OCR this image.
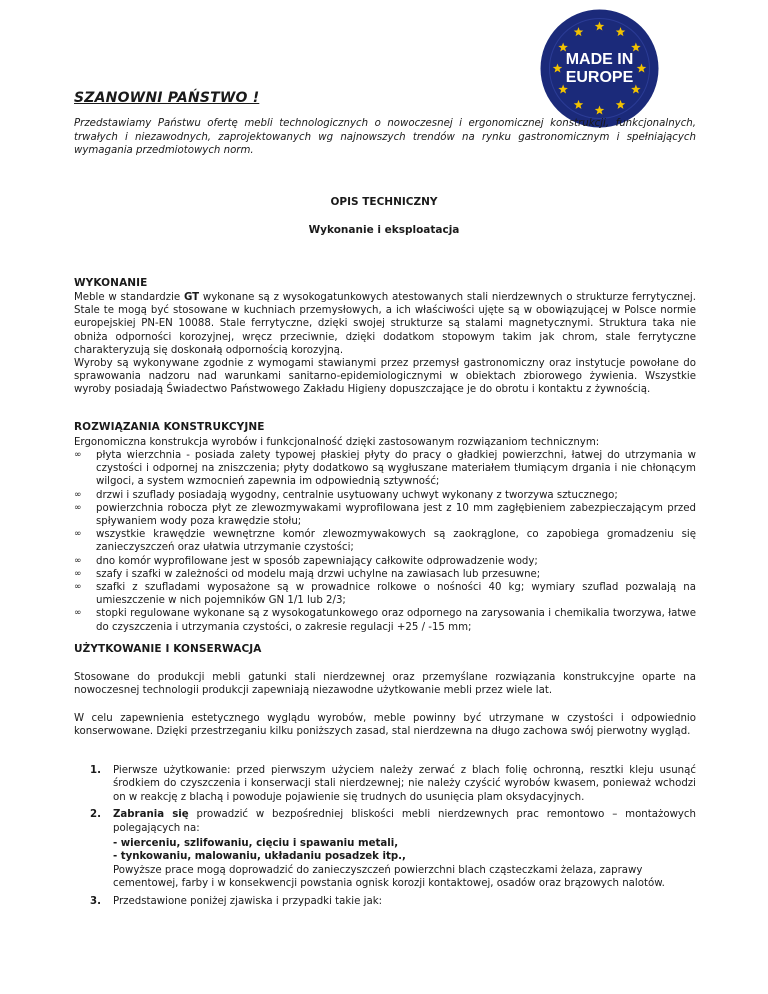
MADE IN
EUROPE
SZANOWNI PAŃSTWO !
Przedstawiamy Państwu ofertę mebli technologicznych o nowoczesnej i ergonomicznej konstrukcji, funkcjonalnych, trwałych i niezawodnych, zaprojektowanych wg najnowszych trendów na rynku gastronomicznym i spełniających wymagania przedmiotowych norm.
OPIS TECHNICZNY
Wykonanie i eksploatacja
WYKONANIE
Meble w standardzie GT wykonane są z wysokogatunkowych atestowanych stali nierdzewnych o strukturze ferrytycznej. Stale te mogą być stosowane w kuchniach przemysłowych, a ich właściwości ujęte są w obowiązującej w Polsce normie europejskiej PN-EN 10088. Stale ferrytyczne, dzięki swojej strukturze są stalami magnetycznymi. Struktura taka nie obniża odporności korozyjnej, wręcz przeciwnie, dzięki dodatkom stopowym takim jak chrom, stale ferrytyczne charakteryzują się doskonałą odpornością korozyjną.
Wyroby są wykonywane zgodnie z wymogami stawianymi przez przemysł gastronomiczny oraz instytucje powołane do sprawowania nadzoru nad warunkami sanitarno-epidemiologicznymi w obiektach zbiorowego żywienia. Wszystkie wyroby posiadają Świadectwo Państwowego Zakładu Higieny dopuszczające je do obrotu i kontaktu z żywnością.
ROZWIĄZANIA KONSTRUKCYJNE
Ergonomiczna konstrukcja wyrobów i funkcjonalność dzięki zastosowanym rozwiązaniom technicznym:
∞	płyta wierzchnia - posiada zalety typowej płaskiej płyty do pracy o gładkiej powierzchni, łatwej do utrzymania w czystości i odpornej na zniszczenia; płyty dodatkowo są wygłuszane materiałem tłumiącym drgania i nie chłonącym wilgoci, a system wzmocnień zapewnia im odpowiednią sztywność;
∞	drzwi i szuflady posiadają wygodny, centralnie usytuowany uchwyt wykonany z tworzywa sztucznego;
∞	powierzchnia robocza płyt ze zlewozmywakami wyprofilowana jest z 10 mm zagłębieniem zabezpieczającym przed spływaniem wody poza krawędzie stołu;
∞	wszystkie krawędzie wewnętrzne komór zlewozmywakowych są zaokrąglone, co zapobiega gromadzeniu się zanieczyszczeń oraz ułatwia utrzymanie czystości;
∞	dno komór wyprofilowane jest w sposób zapewniający całkowite odprowadzenie wody;
∞	szafy i szafki w zależności od modelu mają drzwi uchylne na zawiasach lub przesuwne;
∞	szafki z szufladami wyposażone są w prowadnice rolkowe o nośności 40 kg; wymiary szuflad pozwalają na umieszczenie w nich pojemników GN 1/1 lub 2/3;
∞	stopki regulowane wykonane są z wysokogatunkowego oraz odpornego na zarysowania i chemikalia tworzywa, łatwe do czyszczenia i utrzymania czystości, o zakresie regulacji +25 / -15 mm;
UŻYTKOWANIE I KONSERWACJA
Stosowane do produkcji mebli gatunki stali nierdzewnej oraz przemyślane rozwiązania konstrukcyjne oparte na nowoczesnej technologii produkcji zapewniają niezawodne użytkowanie mebli przez wiele lat.
W celu zapewnienia estetycznego wyglądu wyrobów, meble powinny być utrzymane w czystości i odpowiednio konserwowane. Dzięki przestrzeganiu kilku poniższych zasad, stal nierdzewna na długo zachowa swój pierwotny wygląd.
1.	Pierwsze użytkowanie: przed pierwszym użyciem należy zerwać z blach folię ochronną, resztki kleju usunąć środkiem do czyszczenia i konserwacji stali nierdzewnej; nie należy czyścić wyrobów kwasem, ponieważ wchodzi on w reakcję z blachą i powoduje pojawienie się trudnych do usunięcia plam oksydacyjnych.
2.	Zabrania się prowadzić w bezpośredniej bliskości mebli nierdzewnych prac remontowo – montażowych polegających na:
- wierceniu, szlifowaniu, cięciu i spawaniu metali,
- tynkowaniu, malowaniu, układaniu posadzek itp.,
Powyższe prace mogą doprowadzić do zanieczyszczeń powierzchni blach cząsteczkami żelaza, zaprawy cementowej, farby i w konsekwencji powstania ognisk korozji kontaktowej, osadów oraz brązowych nalotów.
3.	Przedstawione poniżej zjawiska i przypadki takie jak:
